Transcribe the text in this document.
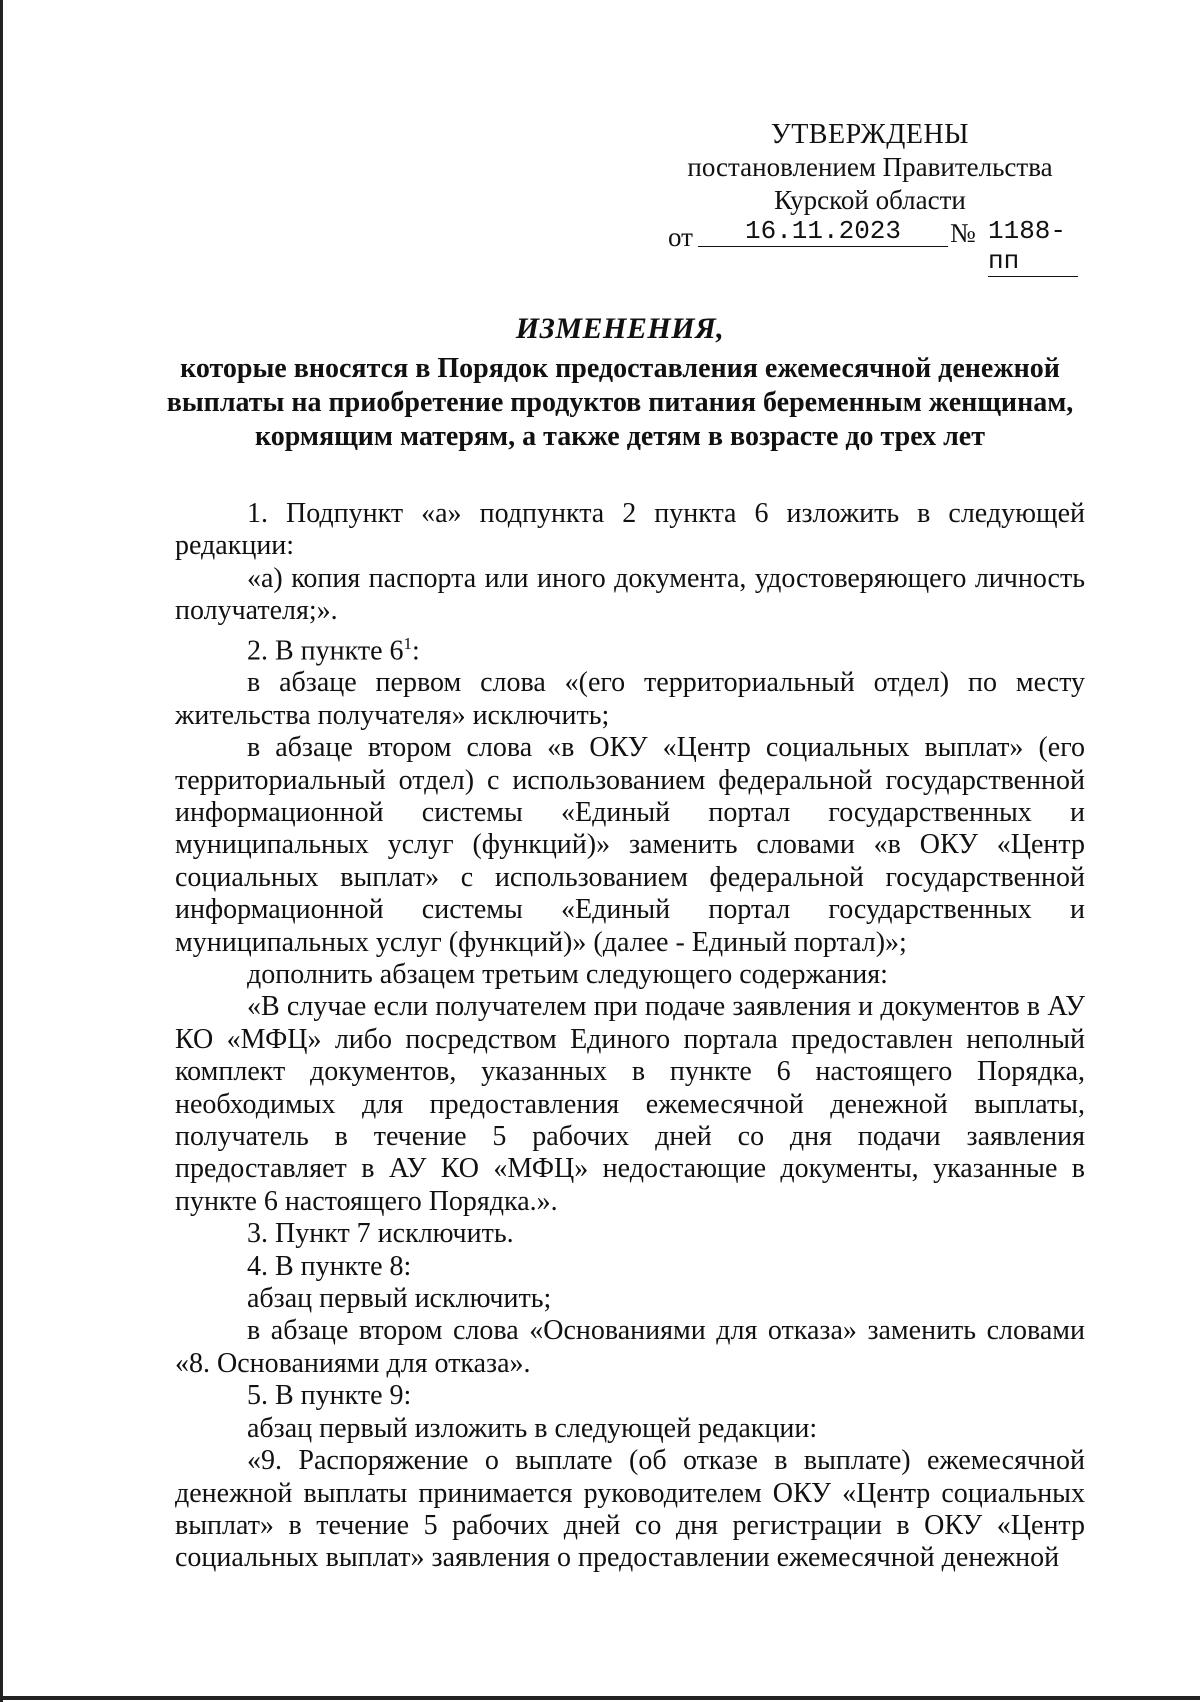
УТВЕРЖДЕНЫ
постановлением Правительства
Курской области
от	16.11.2023	№ 1188-пп
ИЗМЕНЕНИЯ,
которые вносятся в Порядок предоставления ежемесячной денежной выплаты на приобретение продуктов питания беременным женщинам, кормящим матерям, а также детям в возрасте до трех лет

1. Подпункт «а» подпункта 2 пункта 6 изложить в следующей редакции:

«а) копия паспорта или иного документа, удостоверяющего личность получателя;».

2. В пункте $6^1$:

в абзаце первом слова «(его территориальный отдел) по месту жительства получателя» исключить;

в абзаце втором слова «в ОКУ «Центр социальных выплат» (его территориальный отдел) с использованием федеральной государственной информационной системы «Единый портал государственных и муниципальных услуг (функций)» заменить словами «в ОКУ «Центр социальных выплат» с использованием федеральной государственной информационной системы «Единый портал государственных и муниципальных услуг (функций)» (далее - Единый портал)»;

дополнить абзацем третьим следующего содержания:

«В случае если получателем при подаче заявления и документов в АУ КО «МФЦ» либо посредством Единого портала предоставлен неполный комплект документов, указанных в пункте 6 настоящего Порядка, необходимых для предоставления ежемесячной денежной выплаты, получатель в течение 5 рабочих дней со дня подачи заявления предоставляет в АУ КО «МФЦ» недостающие документы, указанные в пункте 6 настоящего Порядка.».

3. Пункт 7 исключить.

4. В пункте 8:

абзац первый исключить;

в абзаце втором слова «Основаниями для отказа» заменить словами «8. Основаниями для отказа».

5. В пункте 9:

абзац первый изложить в следующей редакции:

«9. Распоряжение о выплате (об отказе в выплате) ежемесячной денежной выплаты принимается руководителем ОКУ «Центр социальных выплат» в течение 5 рабочих дней со дня регистрации в ОКУ «Центр социальных выплат» заявления о предоставлении ежемесячной денежной
